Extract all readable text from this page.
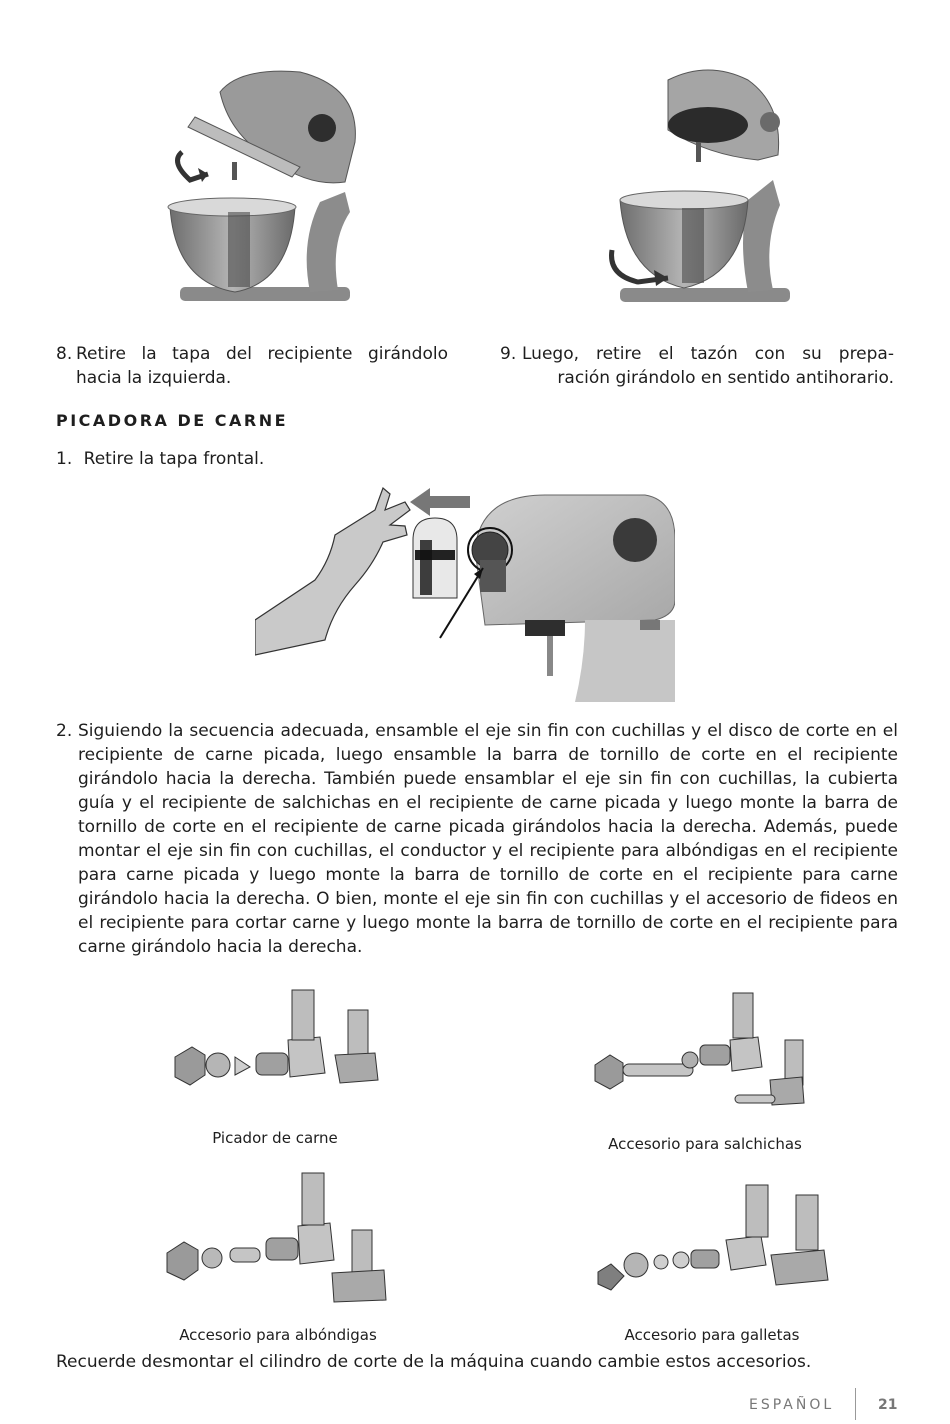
8. Retire la tapa del recipiente girándolo
hacia la izquierda.
9. Luego, retire el tazón con su prepa-
ración girándolo en sentido antihorario.
PICADORA DE CARNE
1. Retire la tapa frontal.
2. Siguiendo la secuencia adecuada, ensamble el eje sin fin con cuchillas y el disco de corte en el recipiente de carne picada, luego ensamble la barra de tornillo de corte en el recipiente girándolo hacia la derecha. También puede ensamblar el eje sin fin con cuchillas, la cubierta guía y el recipiente de salchichas en el recipiente de carne picada y luego monte la barra de tornillo de corte en el recipiente de carne picada girándolos hacia la derecha. Además, puede montar el eje sin fin con cuchillas, el conductor y el recipiente para albóndigas en el recipiente para carne picada y luego monte la barra de tornillo de corte en el recipiente para carne girándolo hacia la derecha. O bien, monte el eje sin fin con cuchillas y el accesorio de fideos en el recipiente para cortar carne y luego monte la barra de tornillo de corte en el recipiente para carne girándolo hacia la derecha.
Picador de carne	Accesorio para salchichas
Accesorio para albóndigas	Accesorio para galletas
Recuerde desmontar el cilindro de corte de la máquina cuando cambie estos accesorios.
ESPAÑOL	21
